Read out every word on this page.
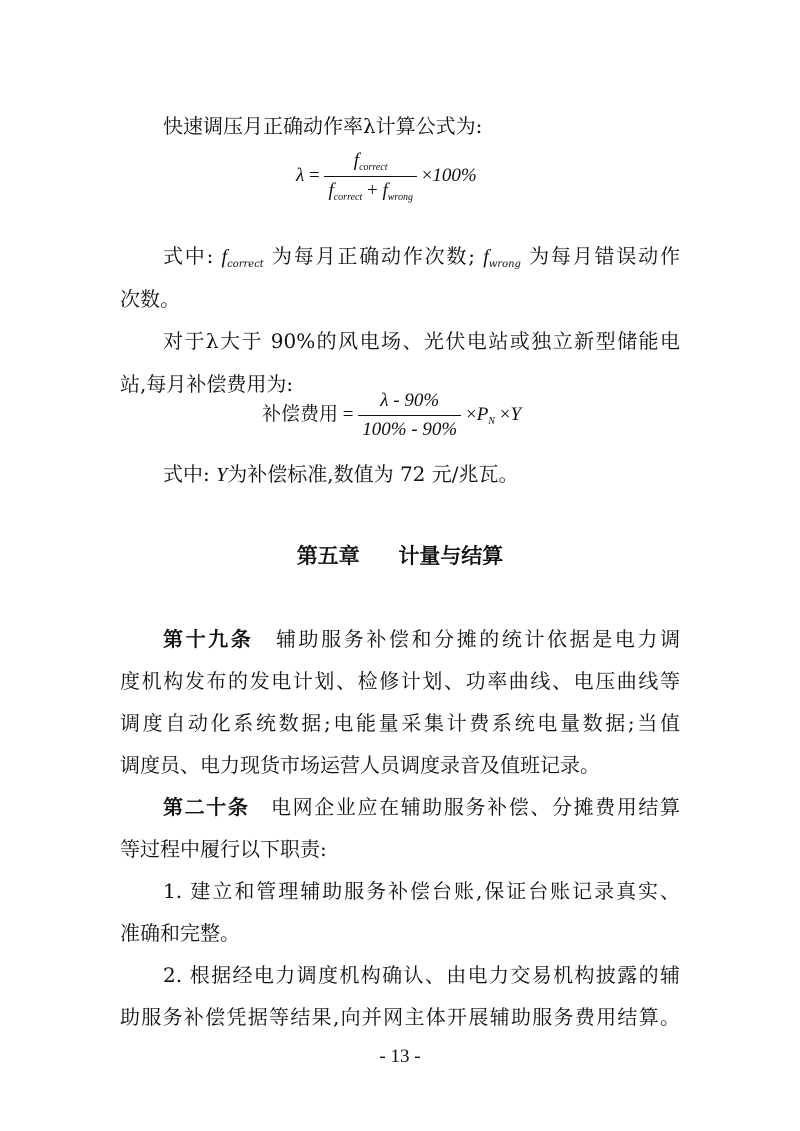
快速调压月正确动作率λ计算公式为:
$\lambda = \frac{f_{correct}}{f_{correct} + f_{wrong}} \times 100\%$
式中: $f_{correct}$ 为每月正确动作次数; $f_{wrong}$ 为每月错误动作
次数。
对于λ大于 90%的风电场、光伏电站或独立新型储能电
站,每月补偿费用为:
补偿费用 = $\frac{\lambda - 90\%}{100\% - 90\%} \times P_N \times Y$
式中: Y为补偿标准,数值为 72 元/兆瓦。
第五章 计量与结算
第十九条 辅助服务补偿和分摊的统计依据是电力调
度机构发布的发电计划、检修计划、功率曲线、电压曲线等
调度自动化系统数据;电能量采集计费系统电量数据;当值
调度员、电力现货市场运营人员调度录音及值班记录。
第二十条 电网企业应在辅助服务补偿、分摊费用结算
等过程中履行以下职责:
1. 建立和管理辅助服务补偿台账,保证台账记录真实、
准确和完整。
2. 根据经电力调度机构确认、由电力交易机构披露的辅
助服务补偿凭据等结果,向并网主体开展辅助服务费用结算。
- 13 -
